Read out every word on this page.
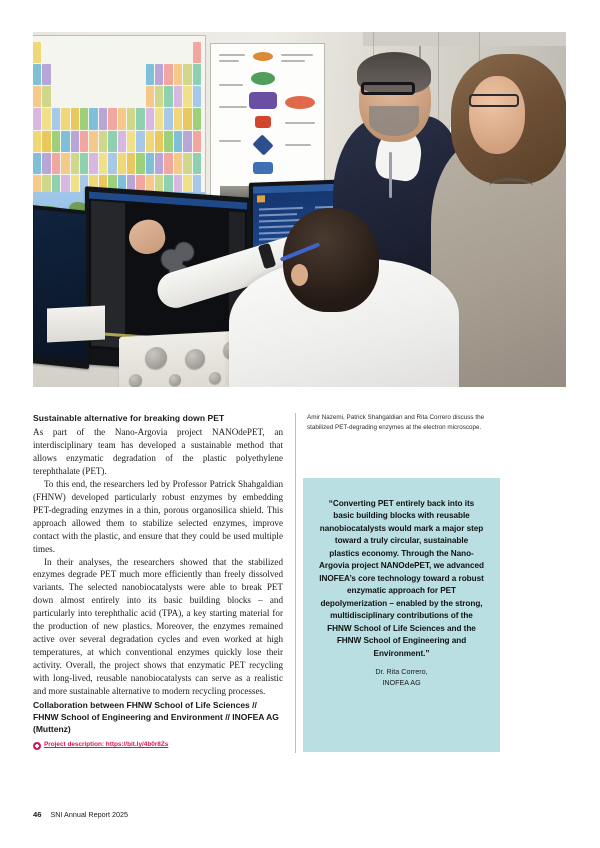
Sustainable alternative for breaking down PET

As part of the Nano-Argovia project NANOdePET, an interdisciplinary team has developed a sustainable method that allows enzymatic degradation of the plastic polyethylene terephthalate (PET).

To this end, the researchers led by Professor Patrick Shahgaldian (FHNW) developed particularly robust enzymes by embedding PET-degrading enzymes in a thin, porous organosilica shield. This approach allowed them to stabilize selected enzymes, improve contact with the plastic, and ensure that they could be used multiple times.

In their analyses, the researchers showed that the stabilized enzymes degrade PET much more efficiently than freely dissolved variants. The selected nanobiocatalysts were able to break PET down almost entirely into its basic building blocks – and particularly into terephthalic acid (TPA), a key starting material for the production of new plastics. Moreover, the enzymes remained active over several degradation cycles and even worked at high temperatures, at which conventional enzymes quickly lose their activity. Overall, the project shows that enzymatic PET recycling with long-lived, reusable nanobiocatalysts can serve as a realistic and more sustainable alternative to modern recycling processes.

Collaboration between FHNW School of Life Sciences // FHNW School of Engineering and Environment // INOFEA AG (Muttenz)

Project description: https://bit.ly/4b0r8Zs

Amir Nazemi, Patrick Shahgaldian and Rita Correro discuss the stabilized PET-degrading enzymes at the electron microscope.

“Converting PET entirely back into its basic building blocks with reusable nanobiocatalysts would mark a major step toward a truly circular, sustainable plastics economy. Through the Nano-Argovia project NANOdePET, we advanced INOFEA’s core technology toward a robust enzymatic approach for PET depolymerization – enabled by the strong, multidisciplinary contributions of the FHNW School of Life Sciences and the FHNW School of Engineering and Environment.”

Dr. Rita Correro,
INOFEA AG

46 SNI Annual Report 2025
